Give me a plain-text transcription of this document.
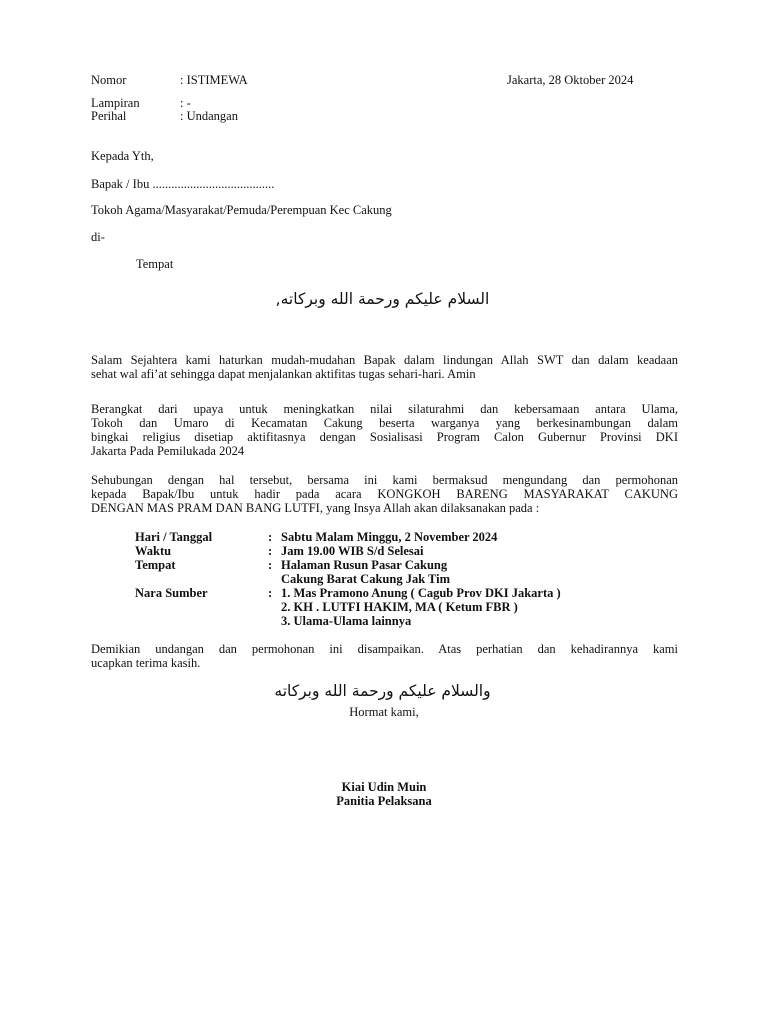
Nomor	: ISTIMEWA	Jakarta, 28 Oktober 2024
Lampiran	: -
Perihal	: Undangan
Kepada Yth,
Bapak / Ibu .......................................
Tokoh Agama/Masyarakat/Pemuda/Perempuan Kec Cakung
di-
Tempat
السلام عليكم ورحمة الله وبركاته,
Salam Sejahtera kami haturkan mudah-mudahan Bapak dalam lindungan Allah SWT dan dalam keadaan
sehat wal afi’at sehingga dapat menjalankan aktifitas tugas sehari-hari. Amin
Berangkat dari upaya untuk meningkatkan nilai silaturahmi dan kebersamaan antara Ulama,
Tokoh dan Umaro di Kecamatan Cakung beserta warganya yang berkesinambungan dalam
bingkai religius disetiap aktifitasnya dengan Sosialisasi Program Calon Gubernur Provinsi DKI
Jakarta Pada Pemilukada 2024
Sehubungan dengan hal tersebut, bersama ini kami bermaksud mengundang dan permohonan
kepada Bapak/Ibu untuk hadir pada acara KONGKOH BARENG MASYARAKAT CAKUNG
DENGAN MAS PRAM DAN BANG LUTFI, yang Insya Allah akan dilaksanakan pada :
Hari / Tanggal	:	Sabtu Malam Minggu, 2 November 2024
Waktu	:	Jam 19.00 WIB S/d Selesai
Tempat	:	Halaman Rusun Pasar Cakung
		Cakung Barat Cakung Jak Tim
Nara Sumber	:	1. Mas Pramono Anung ( Cagub Prov DKI Jakarta )
		2. KH . LUTFI HAKIM, MA ( Ketum FBR )
		3. Ulama-Ulama lainnya
Demikian undangan dan permohonan ini disampaikan. Atas perhatian dan kehadirannya kami
ucapkan terima kasih.
والسلام عليكم ورحمة الله وبركاته
Hormat kami,
Kiai Udin Muin
Panitia Pelaksana
